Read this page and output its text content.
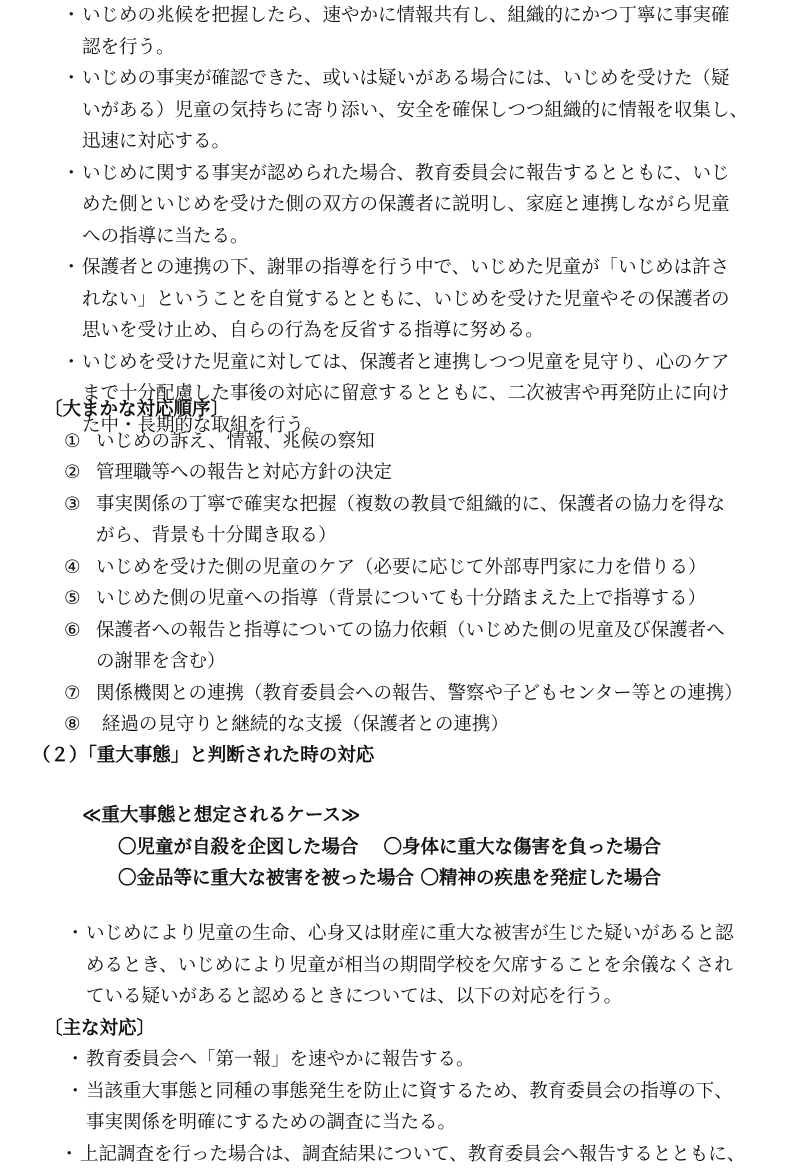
・ いじめの兆候を把握したら、速やかに情報共有し、組織的にかつ丁寧に事実確
認を行う。
・ いじめの事実が確認できた、或いは疑いがある場合には、いじめを受けた（疑
いがある）児童の気持ちに寄り添い、安全を確保しつつ組織的に情報を収集し、
迅速に対応する。
・ いじめに関する事実が認められた場合、教育委員会に報告するとともに、いじ
めた側といじめを受けた側の双方の保護者に説明し、家庭と連携しながら児童
への指導に当たる。
・ 保護者との連携の下、謝罪の指導を行う中で、いじめた児童が「いじめは許さ
れない」ということを自覚するとともに、いじめを受けた児童やその保護者の
思いを受け止め、自らの行為を反省する指導に努める。
・ いじめを受けた児童に対しては、保護者と連携しつつ児童を見守り、心のケア
まで十分配慮した事後の対応に留意するとともに、二次被害や再発防止に向け
た中・長期的な取組を行う。
〔大まかな対応順序〕
① いじめの訴え、情報、兆候の察知
② 管理職等への報告と対応方針の決定
③ 事実関係の丁寧で確実な把握（複数の教員で組織的に、保護者の協力を得な
がら、背景も十分聞き取る）
④ いじめを受けた側の児童のケア（必要に応じて外部専門家に力を借りる）
⑤ いじめた側の児童への指導（背景についても十分踏まえた上で指導する）
⑥ 保護者への報告と指導についての協力依頼（いじめた側の児童及び保護者へ
の謝罪を含む）
⑦ 関係機関との連携（教育委員会への報告、警察や子どもセンター等との連携）
⑧ 経過の見守りと継続的な支援（保護者との連携）
（２）「重大事態」と判断された時の対応
≪重大事態と想定されるケース≫
〇児童が自殺を企図した場合　 〇身体に重大な傷害を負った場合
〇金品等に重大な被害を被った場合 〇精神の疾患を発症した場合
・ いじめにより児童の生命、心身又は財産に重大な被害が生じた疑いがあると認
めるとき、いじめにより児童が相当の期間学校を欠席することを余儀なくされ
ている疑いがあると認めるときについては、以下の対応を行う。
〔主な対応〕
・ 教育委員会へ「第一報」を速やかに報告する。
・ 当該重大事態と同種の事態発生を防止に資するため、教育委員会の指導の下、
事実関係を明確にするための調査に当たる。
・ 上記調査を行った場合は、調査結果について、教育委員会へ報告するとともに、
